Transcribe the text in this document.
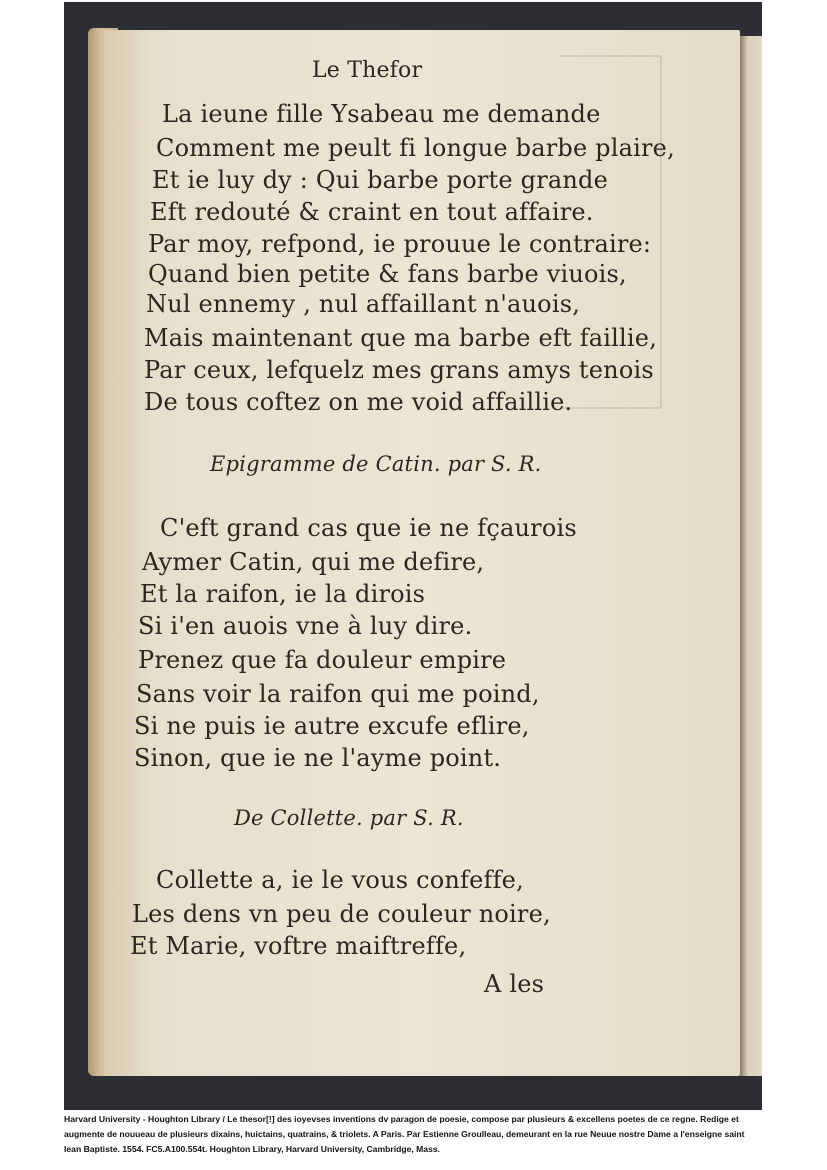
Le Thefor

La ieune fille Ysabeau me demande

Comment me peult fi longue barbe plaire,

Et ie luy dy : Qui barbe porte grande

Eft redouté & craint en tout affaire.

Par moy, refpond, ie prouue le contraire:

Quand bien petite & fans barbe viuois,

Nul ennemy , nul affaillant n'auois,

Mais maintenant que ma barbe eft faillie,

Par ceux, lefquelz mes grans amys tenois

De tous coftez on me void affaillie.

Epigramme de Catin. par S. R.

C'eft grand cas que ie ne fçaurois

Aymer Catin, qui me defire,

Et la raifon, ie la dirois

Si i'en auois vne à luy dire.

Prenez que fa douleur empire

Sans voir la raifon qui me poind,

Si ne puis ie autre excufe eflire,

Sinon, que ie ne l'ayme point.

De Collette. par S. R.

Collette a, ie le vous confeffe,

Les dens vn peu de couleur noire,

Et Marie, voftre maiftreffe,

A les

Harvard University - Houghton Library / Le thesor[!] des ioyevses inventions dv paragon de poesie, compose par plusieurs & excellens poetes de ce regne. Redige et augmente de nouueau de plusieurs dixains, huictains, quatrains, & triolets. A Paris. Par Estienne Groulleau, demeurant en la rue Neuue nostre Dame a l'enseigne saint Iean Baptiste. 1554. FC5.A100.554t. Houghton Library, Harvard University, Cambridge, Mass.
